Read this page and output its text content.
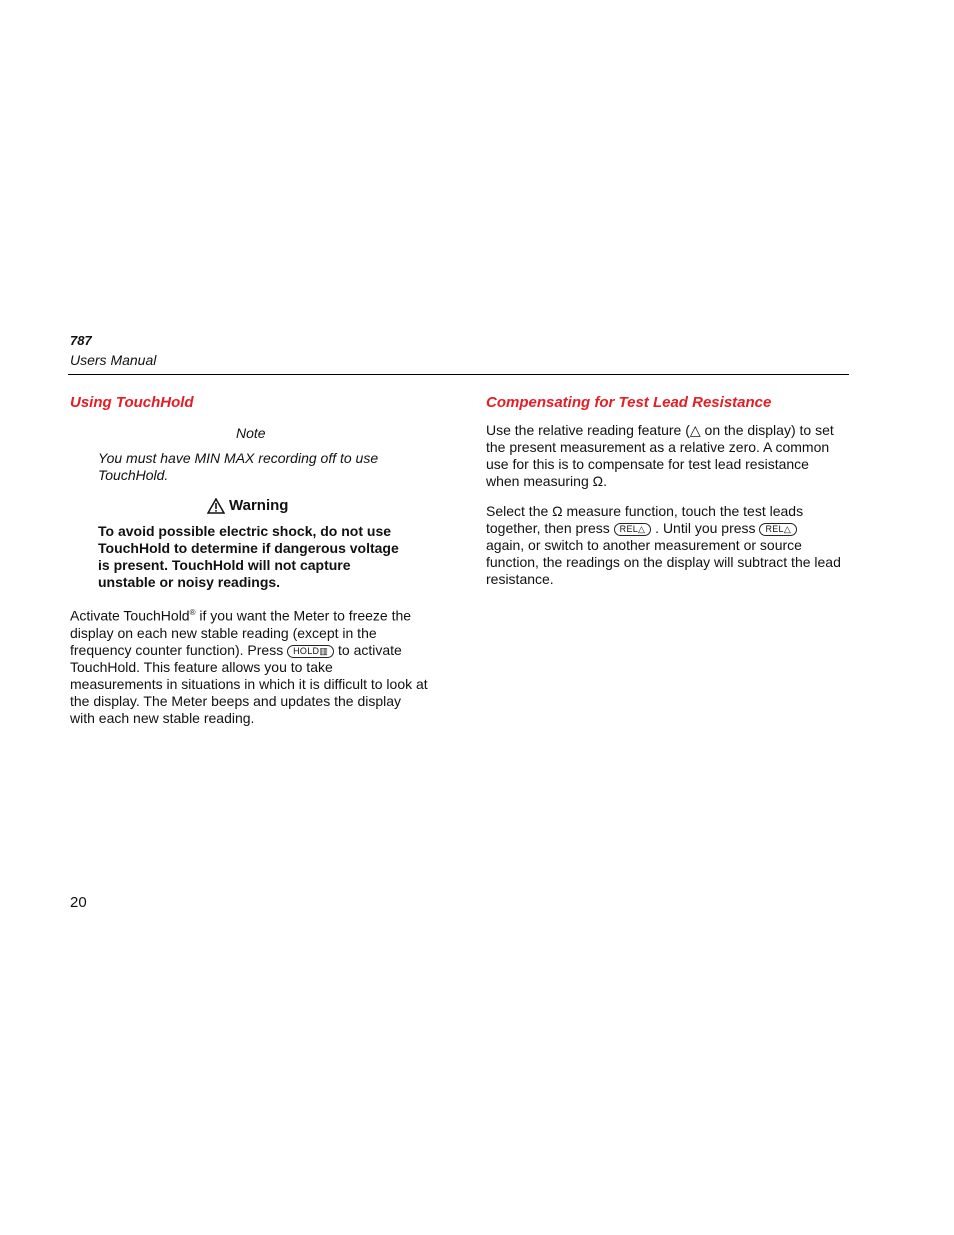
787
Users Manual
Using TouchHold
Note
You must have MIN MAX recording off to use
TouchHold.
Warning
To avoid possible electric shock, do not use
TouchHold to determine if dangerous voltage
is present. TouchHold will not capture
unstable or noisy readings.
Activate TouchHold® if you want the Meter to freeze the
display on each new stable reading (except in the
frequency counter function). Press HOLD▥ to activate
TouchHold. This feature allows you to take
measurements in situations in which it is difficult to look at
the display. The Meter beeps and updates the display
with each new stable reading.
Compensating for Test Lead Resistance
Use the relative reading feature (△ on the display) to set
the present measurement as a relative zero. A common
use for this is to compensate for test lead resistance
when measuring Ω.
Select the Ω measure function, touch the test leads
together, then press REL△ . Until you press REL△
again, or switch to another measurement or source
function, the readings on the display will subtract the lead
resistance.
20
